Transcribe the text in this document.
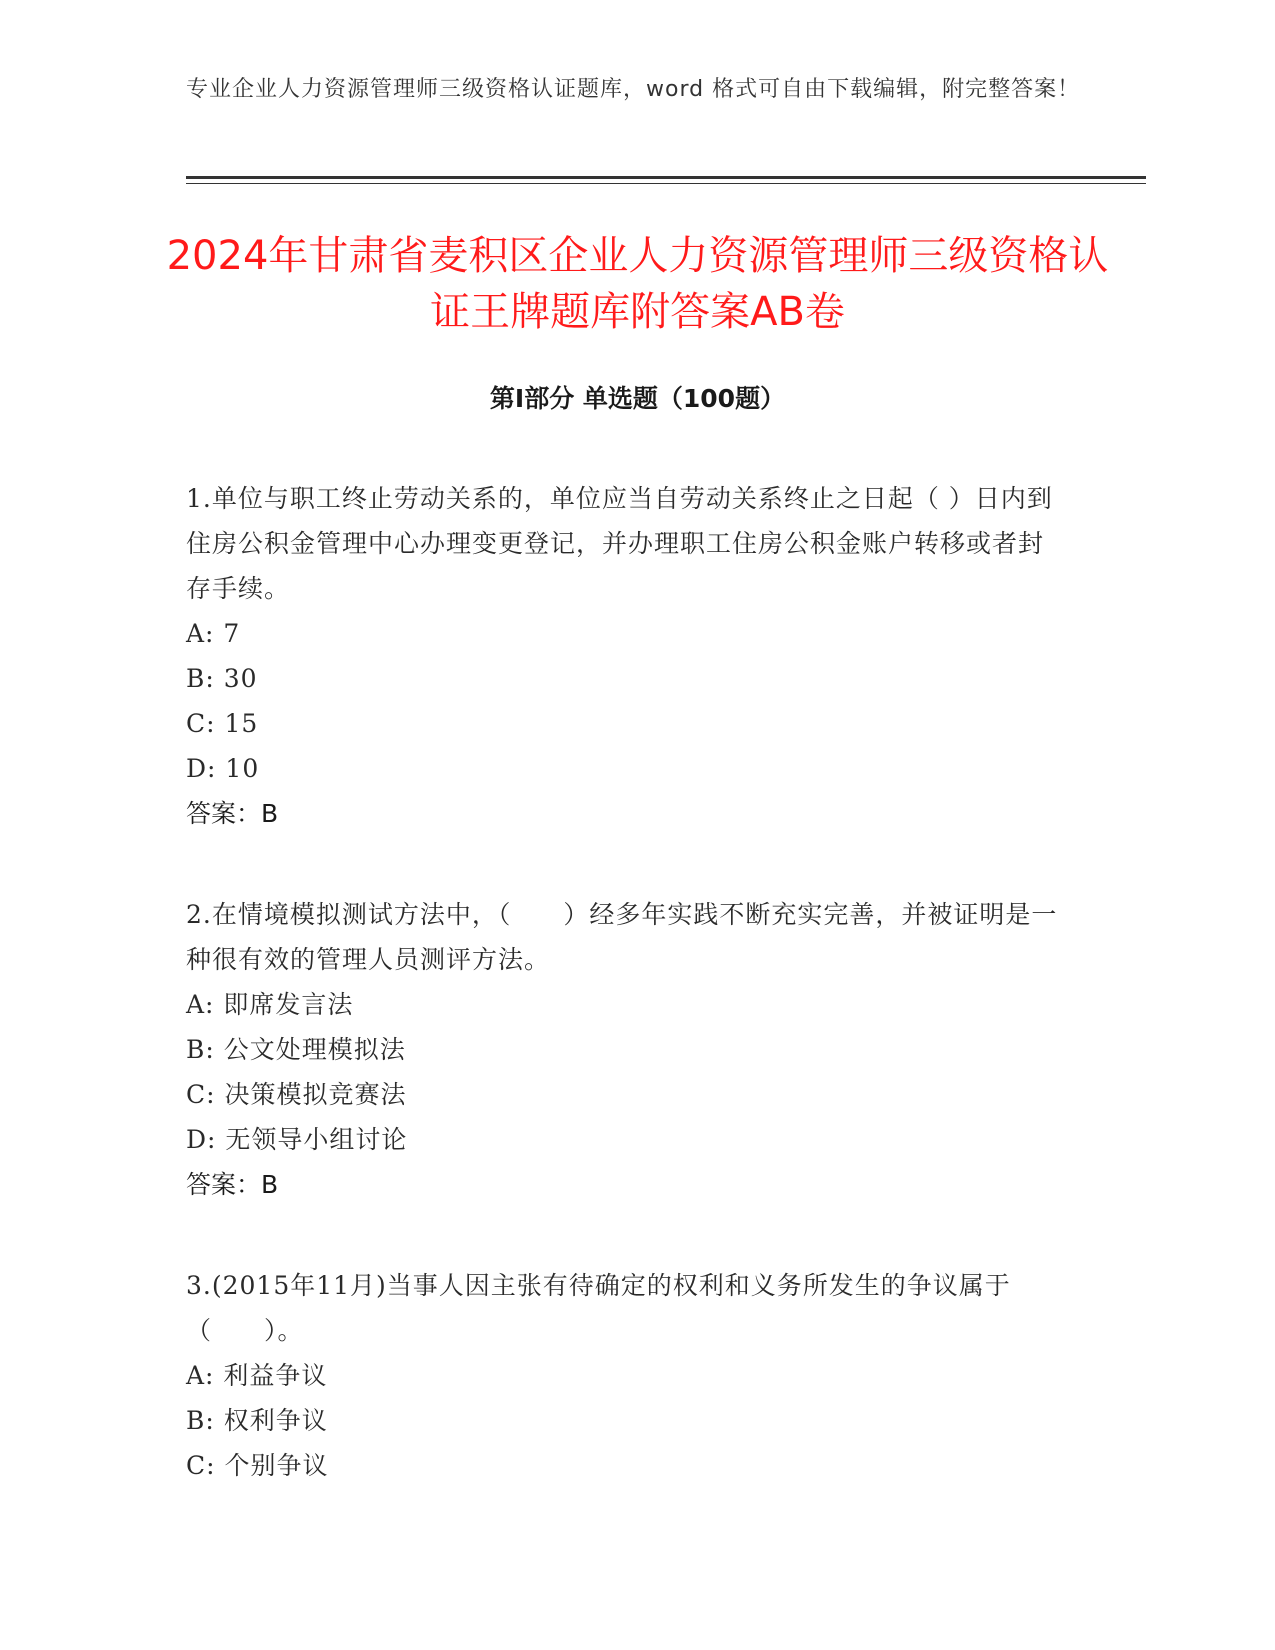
专业企业人力资源管理师三级资格认证题库，word 格式可自由下载编辑，附完整答案！
2024年甘肃省麦积区企业人力资源管理师三级资格认证王牌题库附答案AB卷
第Ⅰ部分 单选题（100题）
1.单位与职工终止劳动关系的，单位应当自劳动关系终止之日起（ ）日内到住房公积金管理中心办理变更登记，并办理职工住房公积金账户转移或者封存手续。
A: 7
B: 30
C: 15
D: 10
答案：B
2.在情境模拟测试方法中，（　　）经多年实践不断充实完善，并被证明是一种很有效的管理人员测评方法。
A: 即席发言法
B: 公文处理模拟法
C: 决策模拟竞赛法
D: 无领导小组讨论
答案：B
3.(2015年11月)当事人因主张有待确定的权利和义务所发生的争议属于（　　）。
A: 利益争议
B: 权利争议
C: 个别争议
